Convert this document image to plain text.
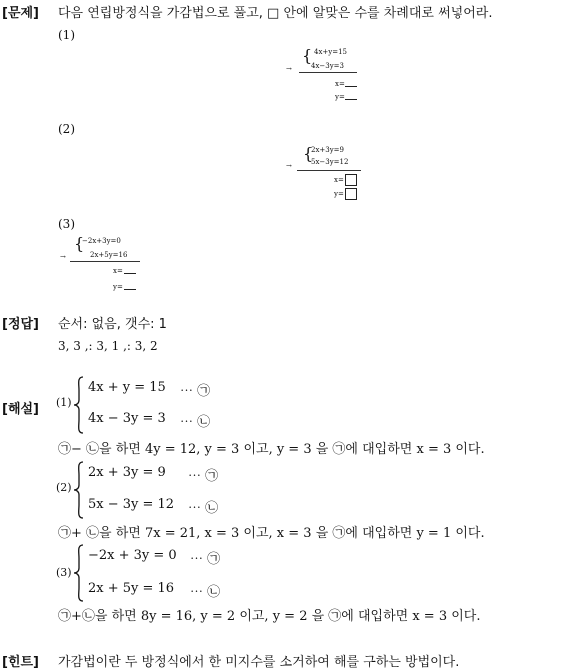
[문제] 다음 연립방정식을 가감법으로 풀고, □ 안에 알맞은 수를 차례대로 써넣어라.
(1)
{ 4x+y=15
4x−3y=3
→
x=
y=
(2)
{
2x+3y=9
5x−3y=12
→
x=
y=
(3)
{
−2x+3y=0
2x+5y=16
→
x=
y=
[정답] 순서: 없음, 갯수: 1
3, 3 ,: 3, 1 ,: 3, 2
[해설] (1)
4x + y = 15 ⋯ ㉠
4x − 3y = 3 ⋯ ㉡
㉠− ㉡을 하면 4y = 12, y = 3 이고, y = 3 을 ㉠에 대입하면 x = 3 이다.
(2)
2x + 3y = 9 ⋯ ㉠
5x − 3y = 12 ⋯ ㉡
㉠+ ㉡을 하면 7x = 21, x = 3 이고, x = 3 을 ㉠에 대입하면 y = 1 이다.
(3)
−2x + 3y = 0 ⋯ ㉠
2x + 5y = 16 ⋯ ㉡
㉠+㉡을 하면 8y = 16, y = 2 이고, y = 2 을 ㉠에 대입하면 x = 3 이다.
[힌트] 가감법이란 두 방정식에서 한 미지수를 소거하여 해를 구하는 방법이다.
